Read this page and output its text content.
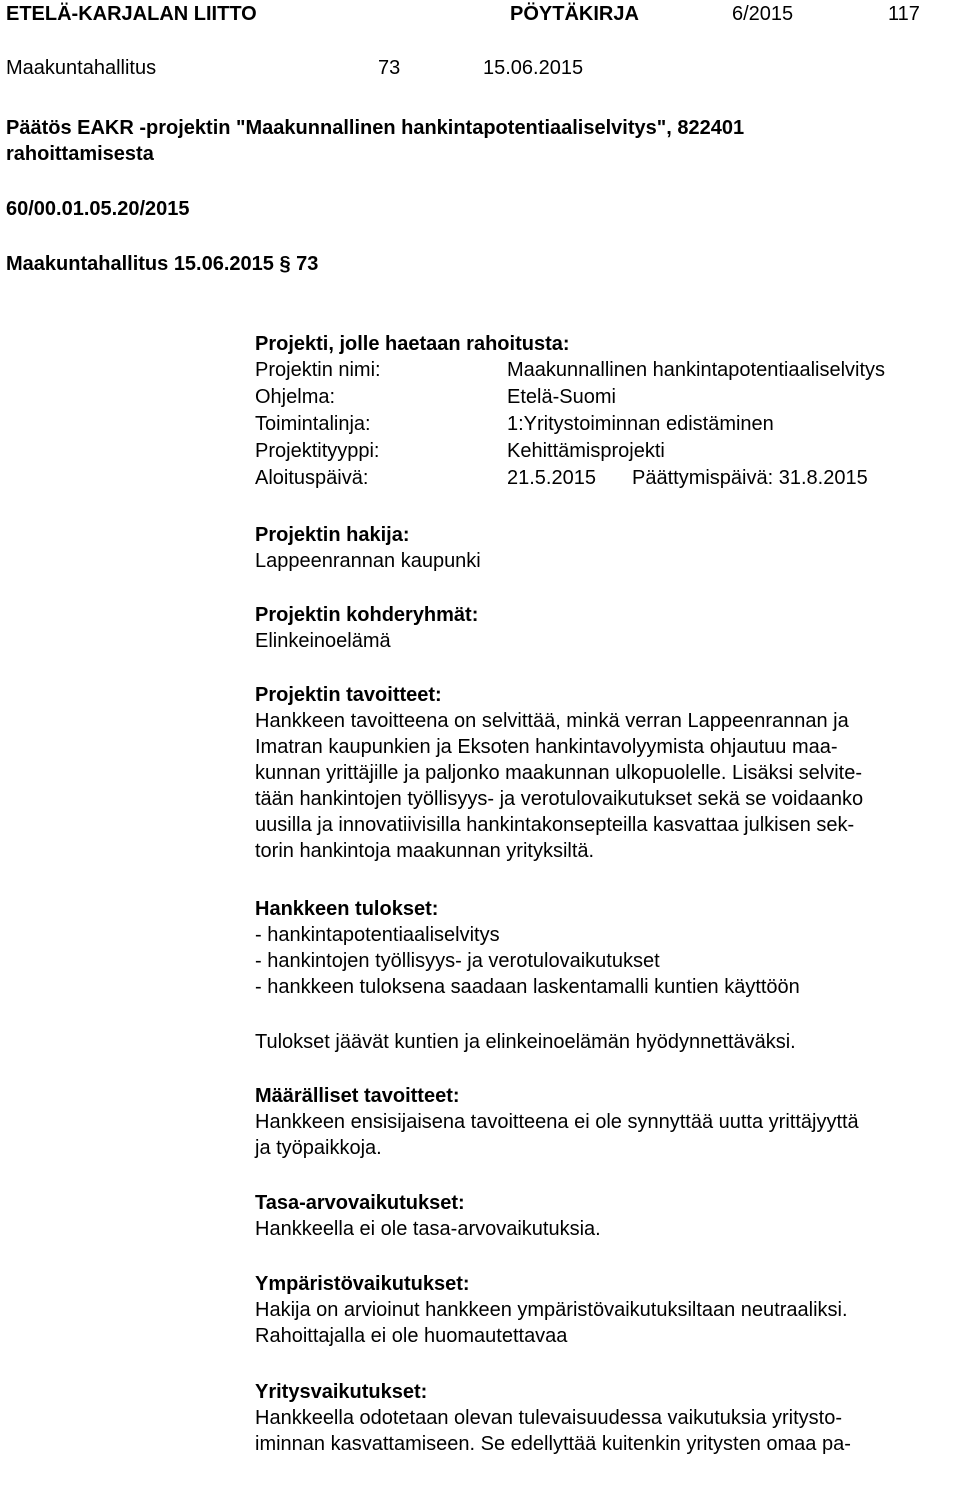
ETELÄ-KARJALAN LIITTO	PÖYTÄKIRJA	6/2015	117
Maakuntahallitus	73	15.06.2015
Päätös EAKR -projektin "Maakunnallinen hankintapotentiaaliselvitys", 822401
rahoittamisesta
60/00.01.05.20/2015
Maakuntahallitus 15.06.2015 § 73
Projekti, jolle haetaan rahoitusta:
Projektin nimi:	Maakunnallinen hankintapotentiaaliselvitys
Ohjelma:	Etelä-Suomi
Toimintalinja:	1:Yritystoiminnan edistäminen
Projektityyppi:	Kehittämisprojekti
Aloituspäivä:	21.5.2015 Päättymispäivä: 31.8.2015
Projektin hakija:
Lappeenrannan kaupunki
Projektin kohderyhmät:
Elinkeinoelämä
Projektin tavoitteet:
Hankkeen tavoitteena on selvittää, minkä verran Lappeenrannan ja
Imatran kaupunkien ja Eksoten hankintavolyymista ohjautuu maa-
kunnan yrittäjille ja paljonko maakunnan ulkopuolelle. Lisäksi selvite-
tään hankintojen työllisyys- ja verotulovaikutukset sekä se voidaanko
uusilla ja innovatiivisilla hankintakonsepteilla kasvattaa julkisen sek-
torin hankintoja maakunnan yrityksiltä.
Hankkeen tulokset:
- hankintapotentiaaliselvitys
- hankintojen työllisyys- ja verotulovaikutukset
- hankkeen tuloksena saadaan laskentamalli kuntien käyttöön
Tulokset jäävät kuntien ja elinkeinoelämän hyödynnettäväksi.
Määrälliset tavoitteet:
Hankkeen ensisijaisena tavoitteena ei ole synnyttää uutta yrittäjyyttä
ja työpaikkoja.
Tasa-arvovaikutukset:
Hankkeella ei ole tasa-arvovaikutuksia.
Ympäristövaikutukset:
Hakija on arvioinut hankkeen ympäristövaikutuksiltaan neutraaliksi.
Rahoittajalla ei ole huomautettavaa
Yritysvaikutukset:
Hankkeella odotetaan olevan tulevaisuudessa vaikutuksia yritysto-
iminnan kasvattamiseen. Se edellyttää kuitenkin yritysten omaa pa-
